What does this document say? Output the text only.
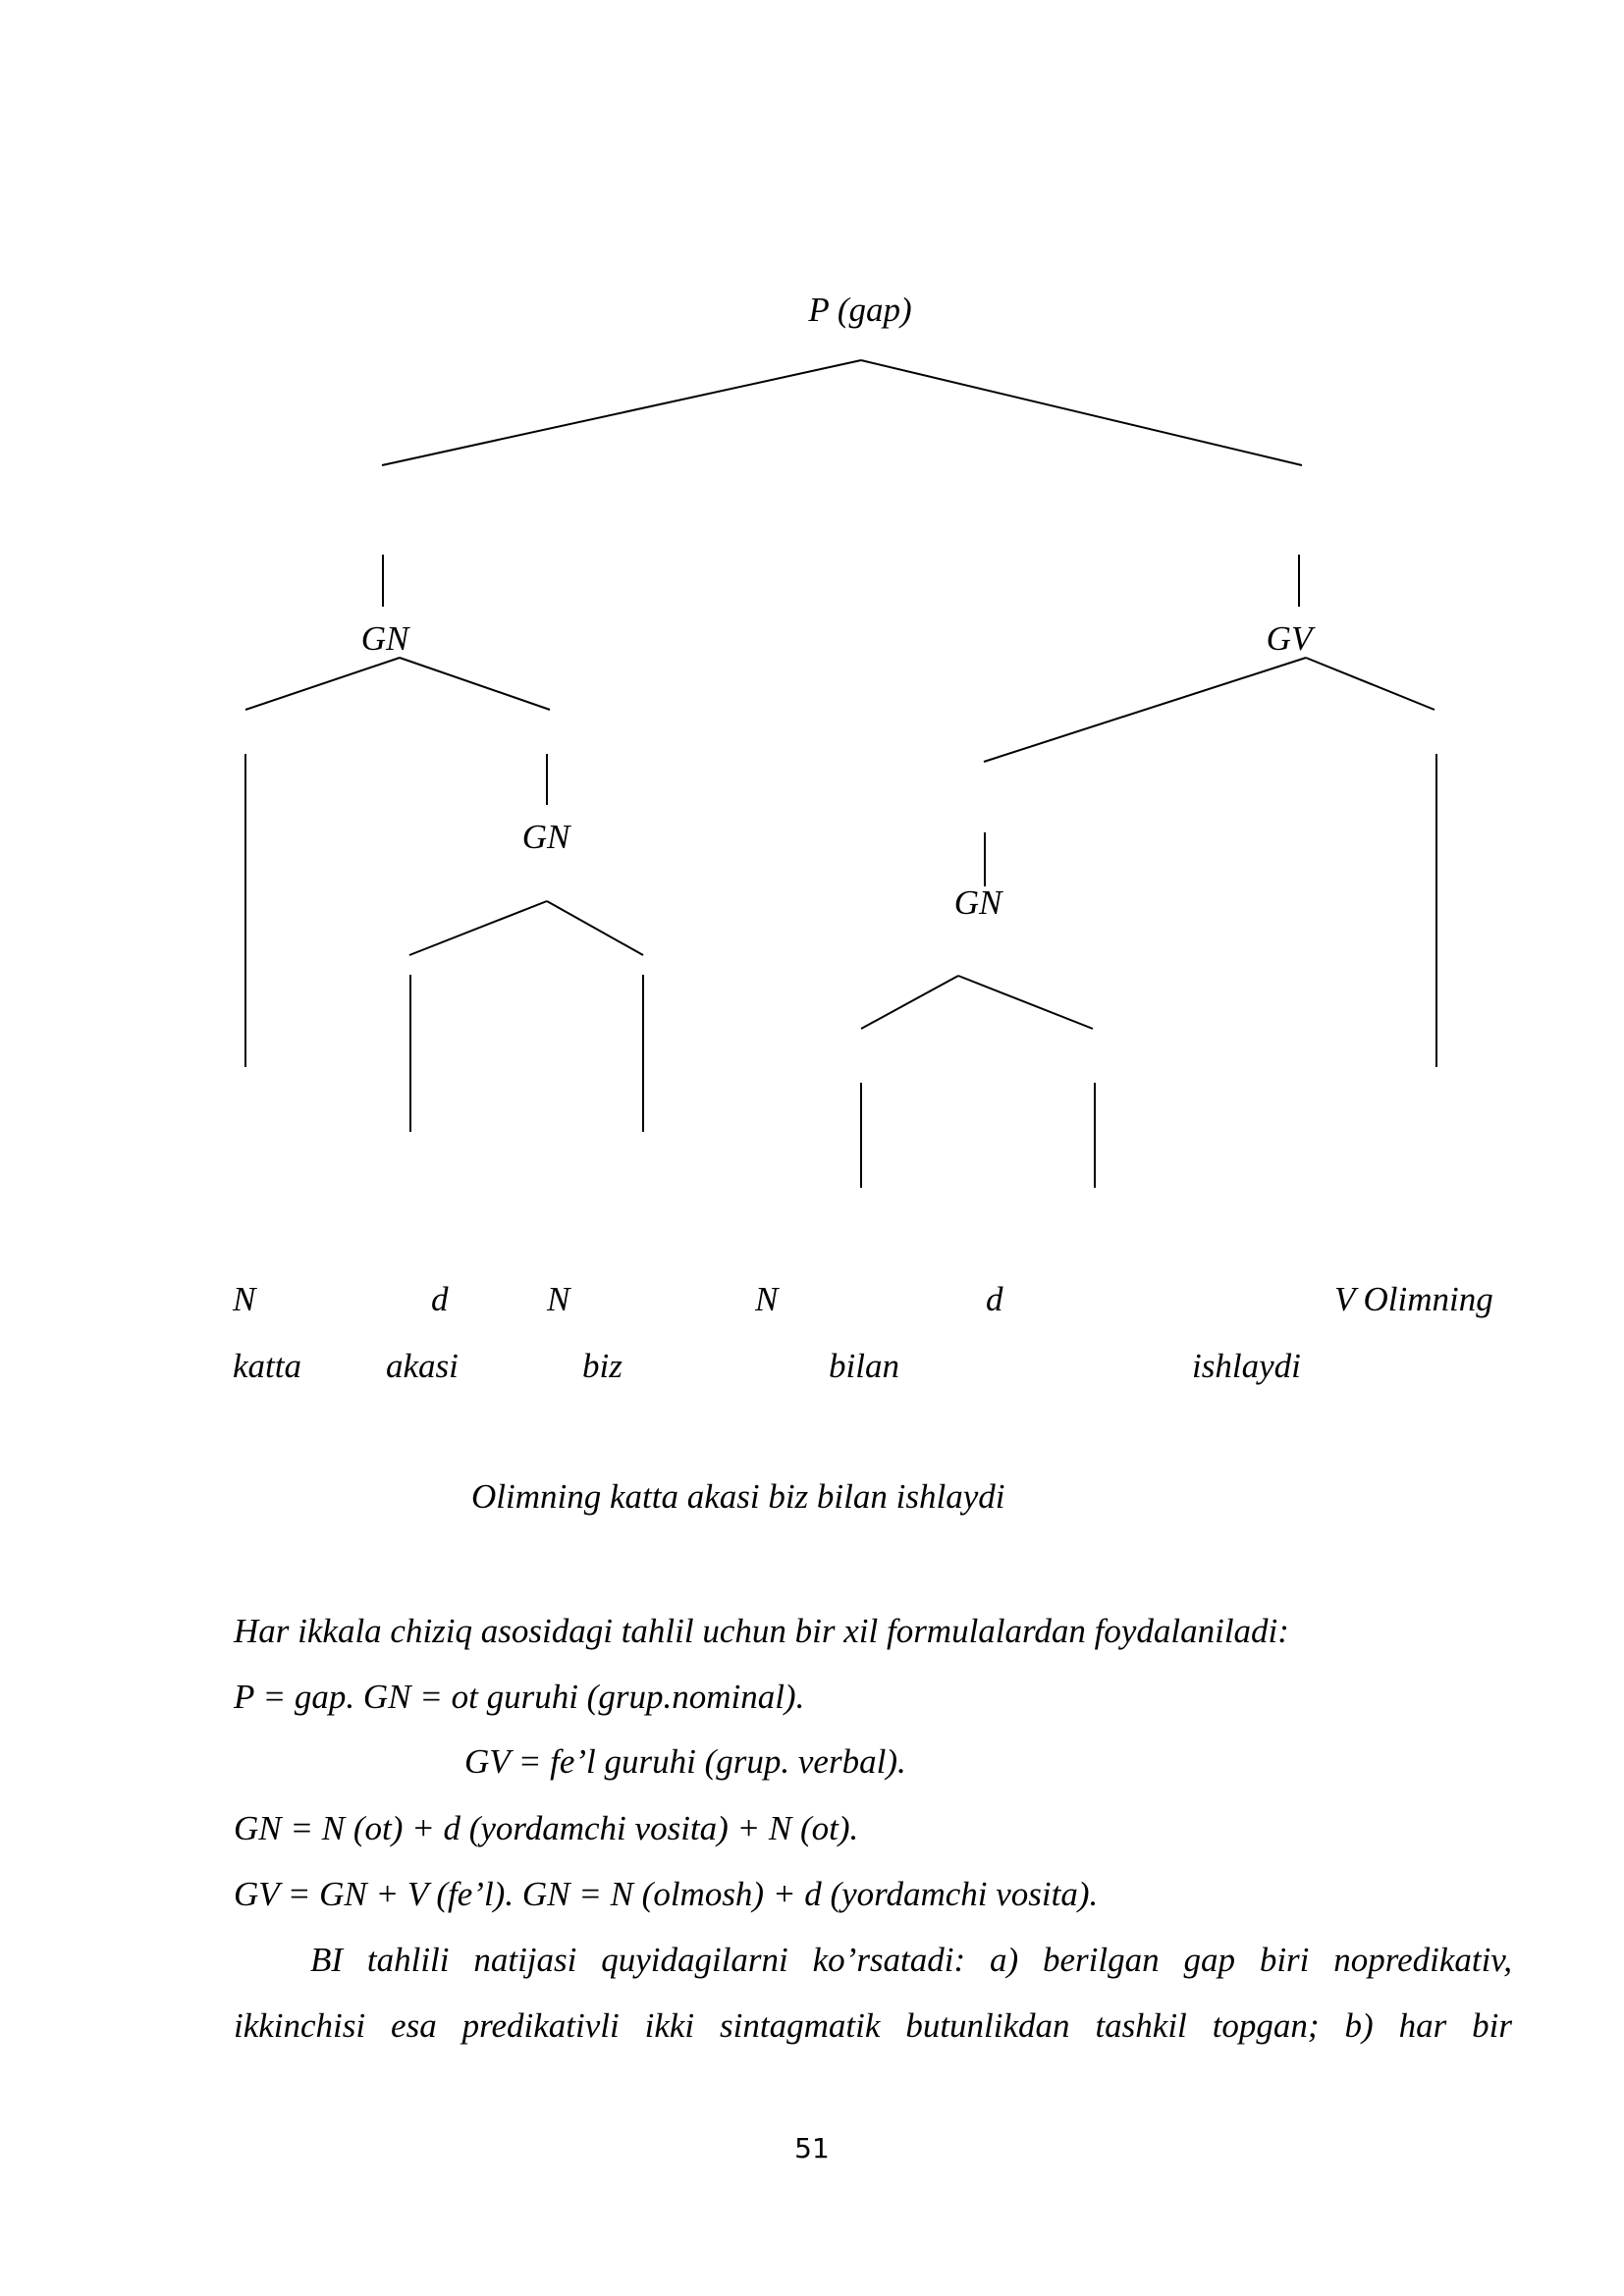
P (gap)
GN	GV
GN
GN
N	d	N	N	d	V Olimning
katta akasi	biz	bilan	ishlaydi
Olimning katta akasi biz bilan ishlaydi
Har ikkala chiziq asosidagi tahlil uchun bir xil formulalardan foydalaniladi:
P = gap. GN = ot guruhi (grup.nominal).
GV = fe’l guruhi (grup. verbal).
GN = N (ot) + d (yordamchi vosita) + N (ot).
GV = GN + V (fe’l). GN = N (olmosh) + d (yordamchi vosita).
BI tahlili natijasi quyidagilarni ko’rsatadi: a) berilgan gap biri nopredikativ,
ikkinchisi esa predikativli ikki sintagmatik butunlikdan tashkil topgan; b) har bir
51
